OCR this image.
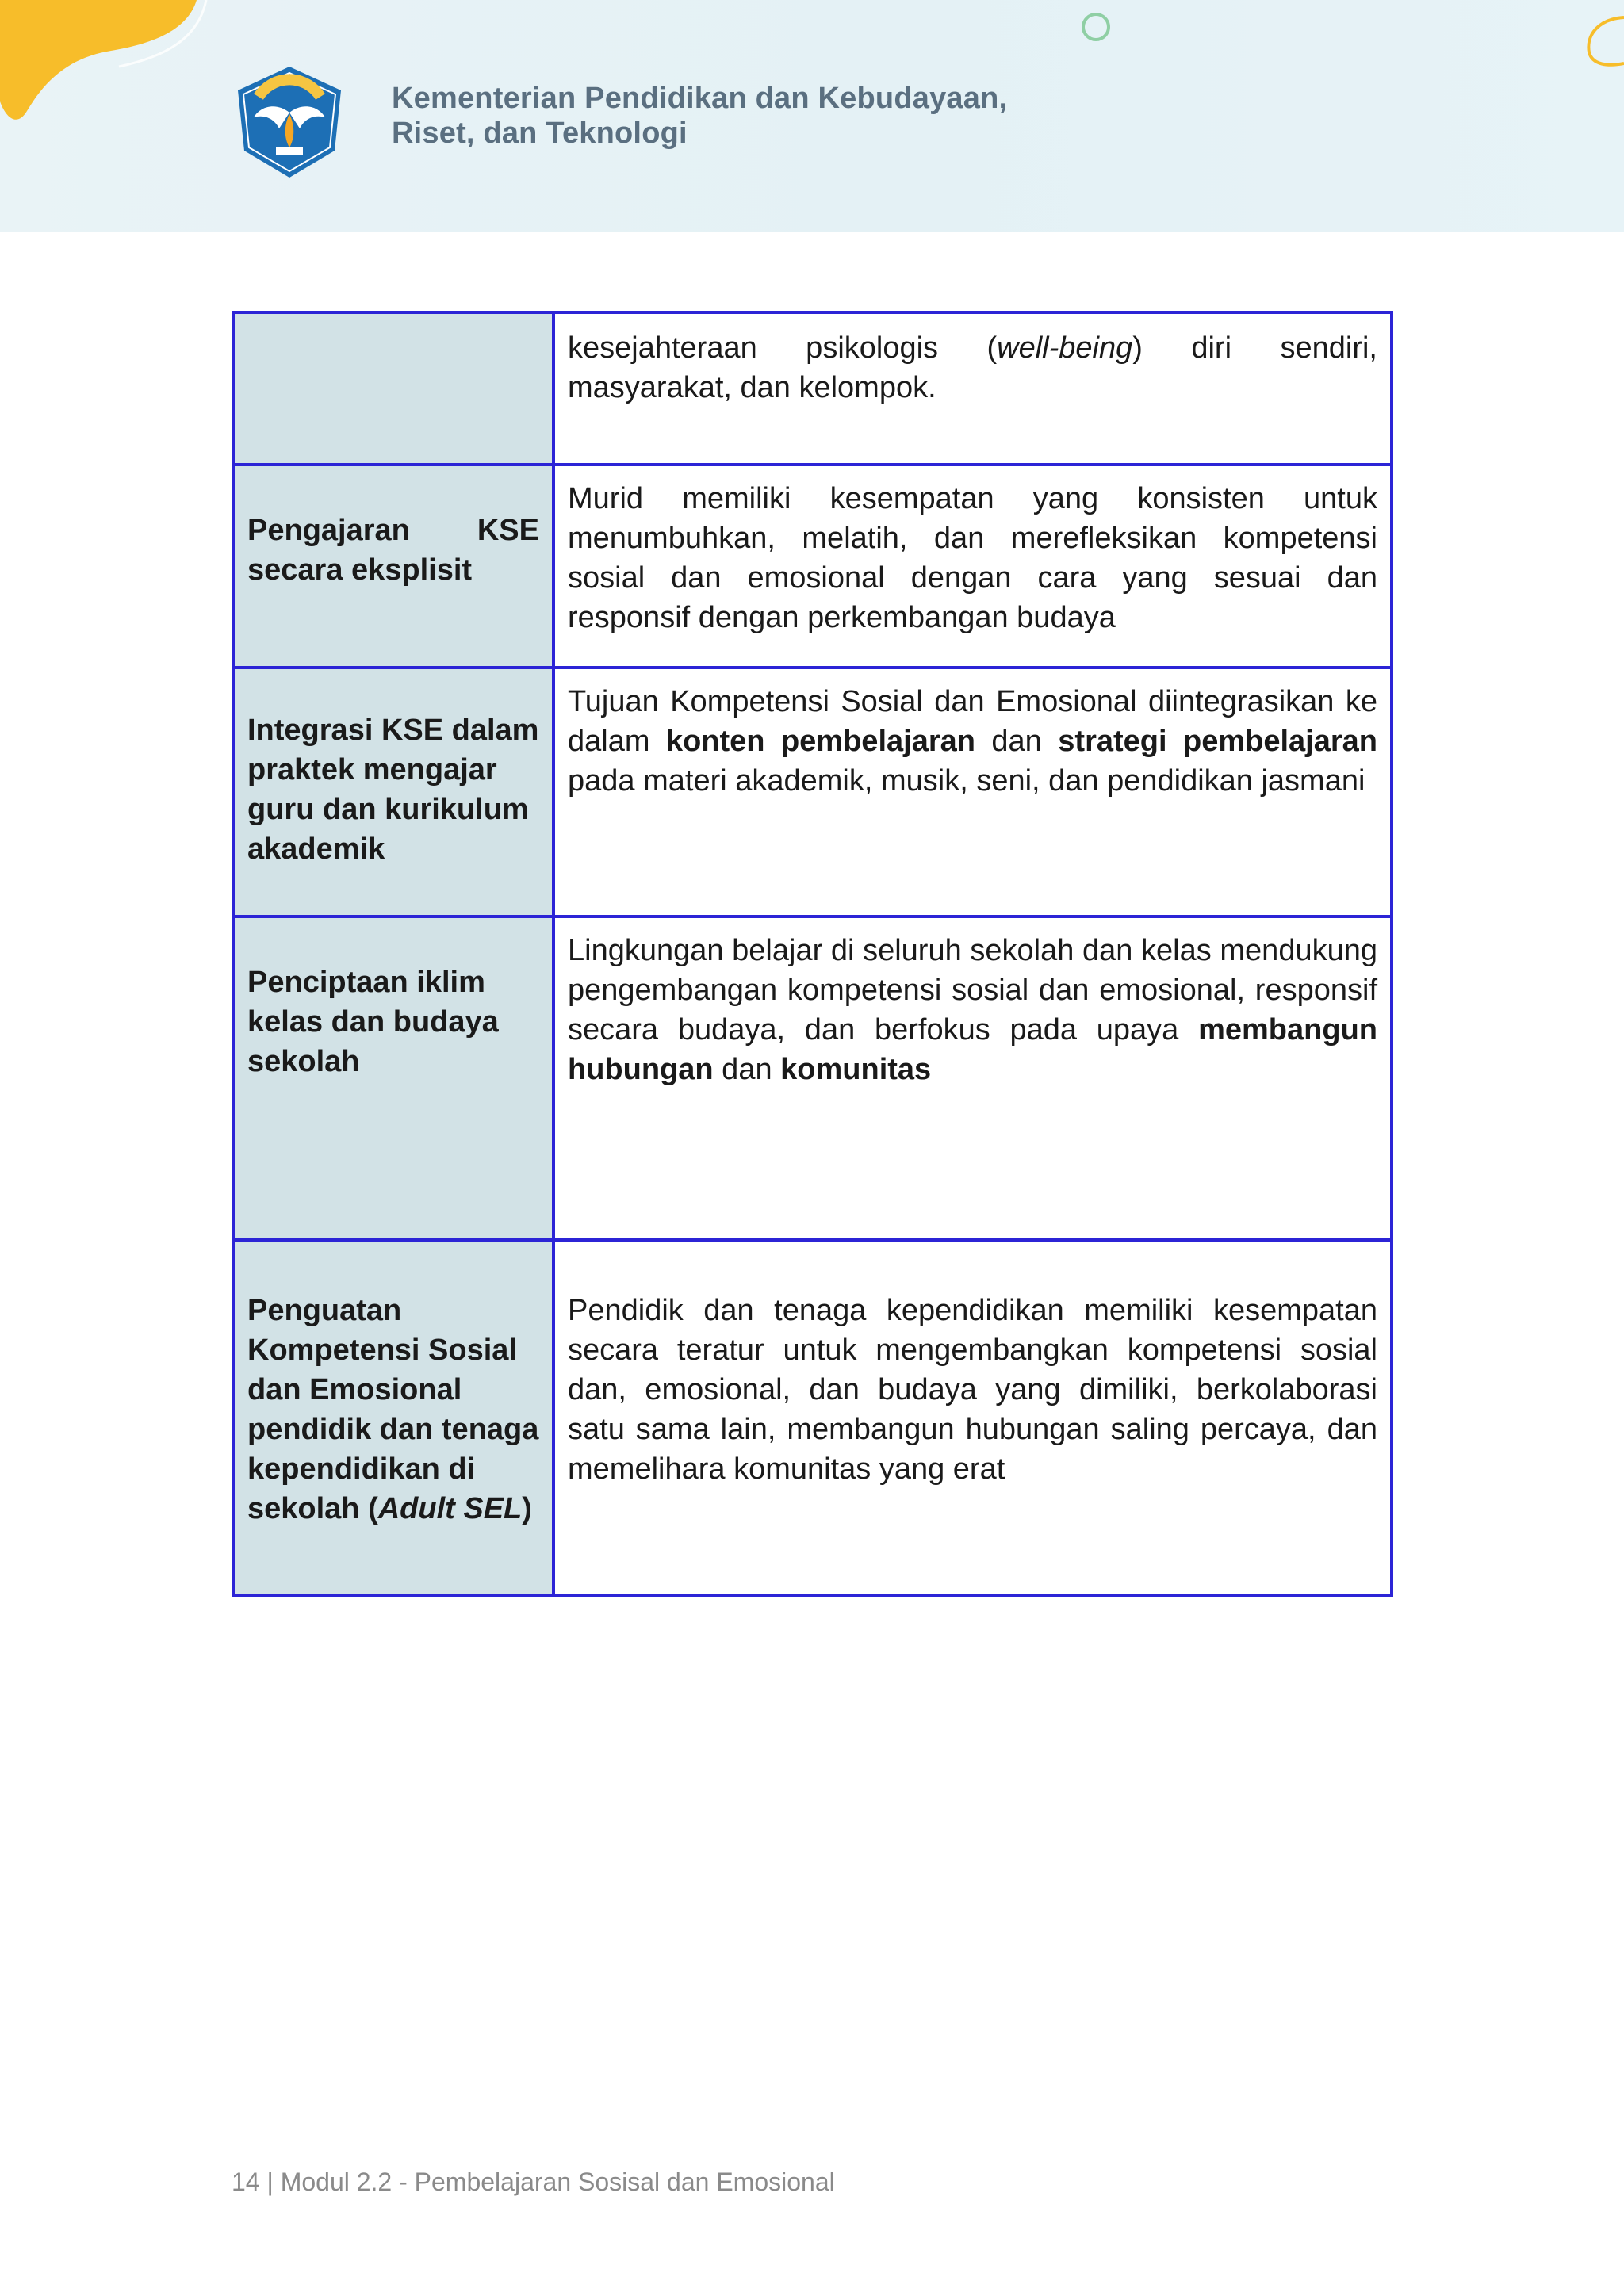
Kementerian Pendidikan dan Kebudayaan,
Riset, dan Teknologi

	kesejahteraan psikologis (well-being) diri sendiri, masyarakat, dan kelompok.

Pengajaran KSE
secara eksplisit	Murid memiliki kesempatan yang konsisten untuk menumbuhkan, melatih, dan merefleksikan kompetensi sosial dan emosional dengan cara yang sesuai dan responsif dengan perkembangan budaya

Integrasi KSE dalam praktek mengajar guru dan kurikulum akademik	Tujuan Kompetensi Sosial dan Emosional diintegrasikan ke dalam konten pembelajaran dan strategi pembelajaran pada materi akademik, musik, seni, dan pendidikan jasmani

Penciptaan iklim kelas dan budaya sekolah	Lingkungan belajar di seluruh sekolah dan kelas mendukung pengembangan kompetensi sosial dan emosional, responsif secara budaya, dan berfokus pada upaya membangun hubungan dan komunitas

Penguatan Kompetensi Sosial dan Emosional pendidik dan tenaga kependidikan di sekolah (Adult SEL)	Pendidik dan tenaga kependidikan memiliki kesempatan secara teratur untuk mengembangkan kompetensi sosial dan, emosional, dan budaya yang dimiliki, berkolaborasi satu sama lain, membangun hubungan saling percaya, dan memelihara komunitas yang erat
14 | Modul 2.2 - Pembelajaran Sosisal dan Emosional
